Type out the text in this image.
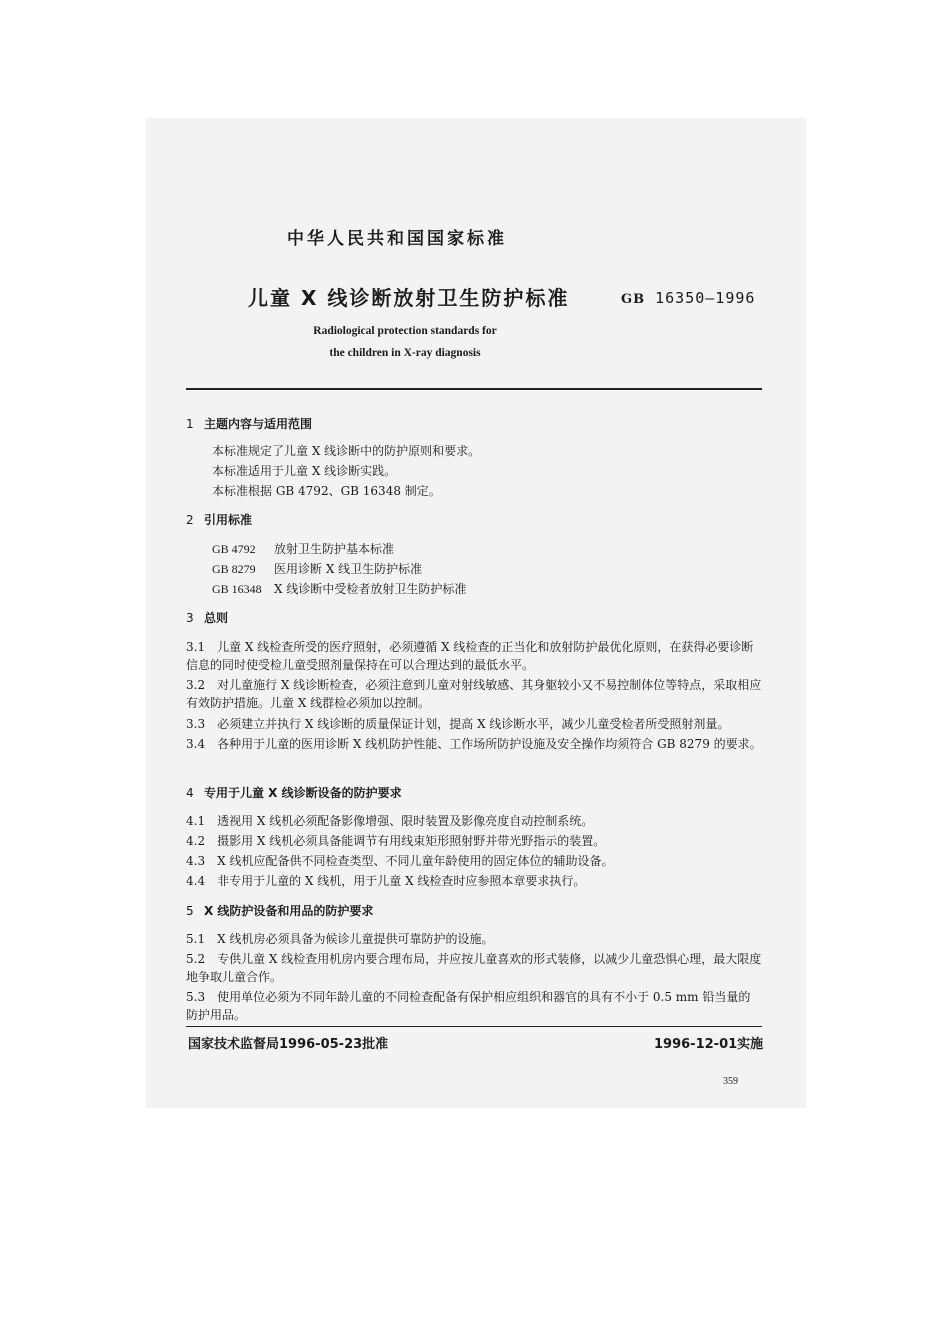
中华人民共和国国家标准
儿童 X 线诊断放射卫生防护标准	GB 16350—1996
Radiological protection standards for
the children in X-ray diagnosis
1 主题内容与适用范围
本标准规定了儿童 X 线诊断中的防护原则和要求。
本标准适用于儿童 X 线诊断实践。
本标准根据 GB 4792、GB 16348 制定。
2 引用标准
GB 4792 放射卫生防护基本标准
GB 8279 医用诊断 X 线卫生防护标准
GB 16348 X 线诊断中受检者放射卫生防护标准
3 总则
3.1　儿童 X 线检查所受的医疗照射，必须遵循 X 线检查的正当化和放射防护最优化原则，在获得必要诊断信息的同时使受检儿童受照剂量保持在可以合理达到的最低水平。
3.2　对儿童施行 X 线诊断检查，必须注意到儿童对射线敏感、其身躯较小又不易控制体位等特点，采取相应有效防护措施。儿童 X 线群检必须加以控制。
3.3　必须建立并执行 X 线诊断的质量保证计划，提高 X 线诊断水平，减少儿童受检者所受照射剂量。
3.4　各种用于儿童的医用诊断 X 线机防护性能、工作场所防护设施及安全操作均须符合 GB 8279 的要求。
4 专用于儿童 X 线诊断设备的防护要求
4.1　透视用 X 线机必须配备影像增强、限时装置及影像亮度自动控制系统。
4.2　摄影用 X 线机必须具备能调节有用线束矩形照射野并带光野指示的装置。
4.3　X 线机应配备供不同检查类型、不同儿童年龄使用的固定体位的辅助设备。
4.4　非专用于儿童的 X 线机，用于儿童 X 线检查时应参照本章要求执行。
5 X 线防护设备和用品的防护要求
5.1　X 线机房必须具备为候诊儿童提供可靠防护的设施。
5.2　专供儿童 X 线检查用机房内要合理布局，并应按儿童喜欢的形式装修，以减少儿童恐惧心理，最大限度地争取儿童合作。
5.3　使用单位必须为不同年龄儿童的不同检查配备有保护相应组织和器官的具有不小于 0.5 mm 铅当量的防护用品。
国家技术监督局1996-05-23批准	1996-12-01实施
359
